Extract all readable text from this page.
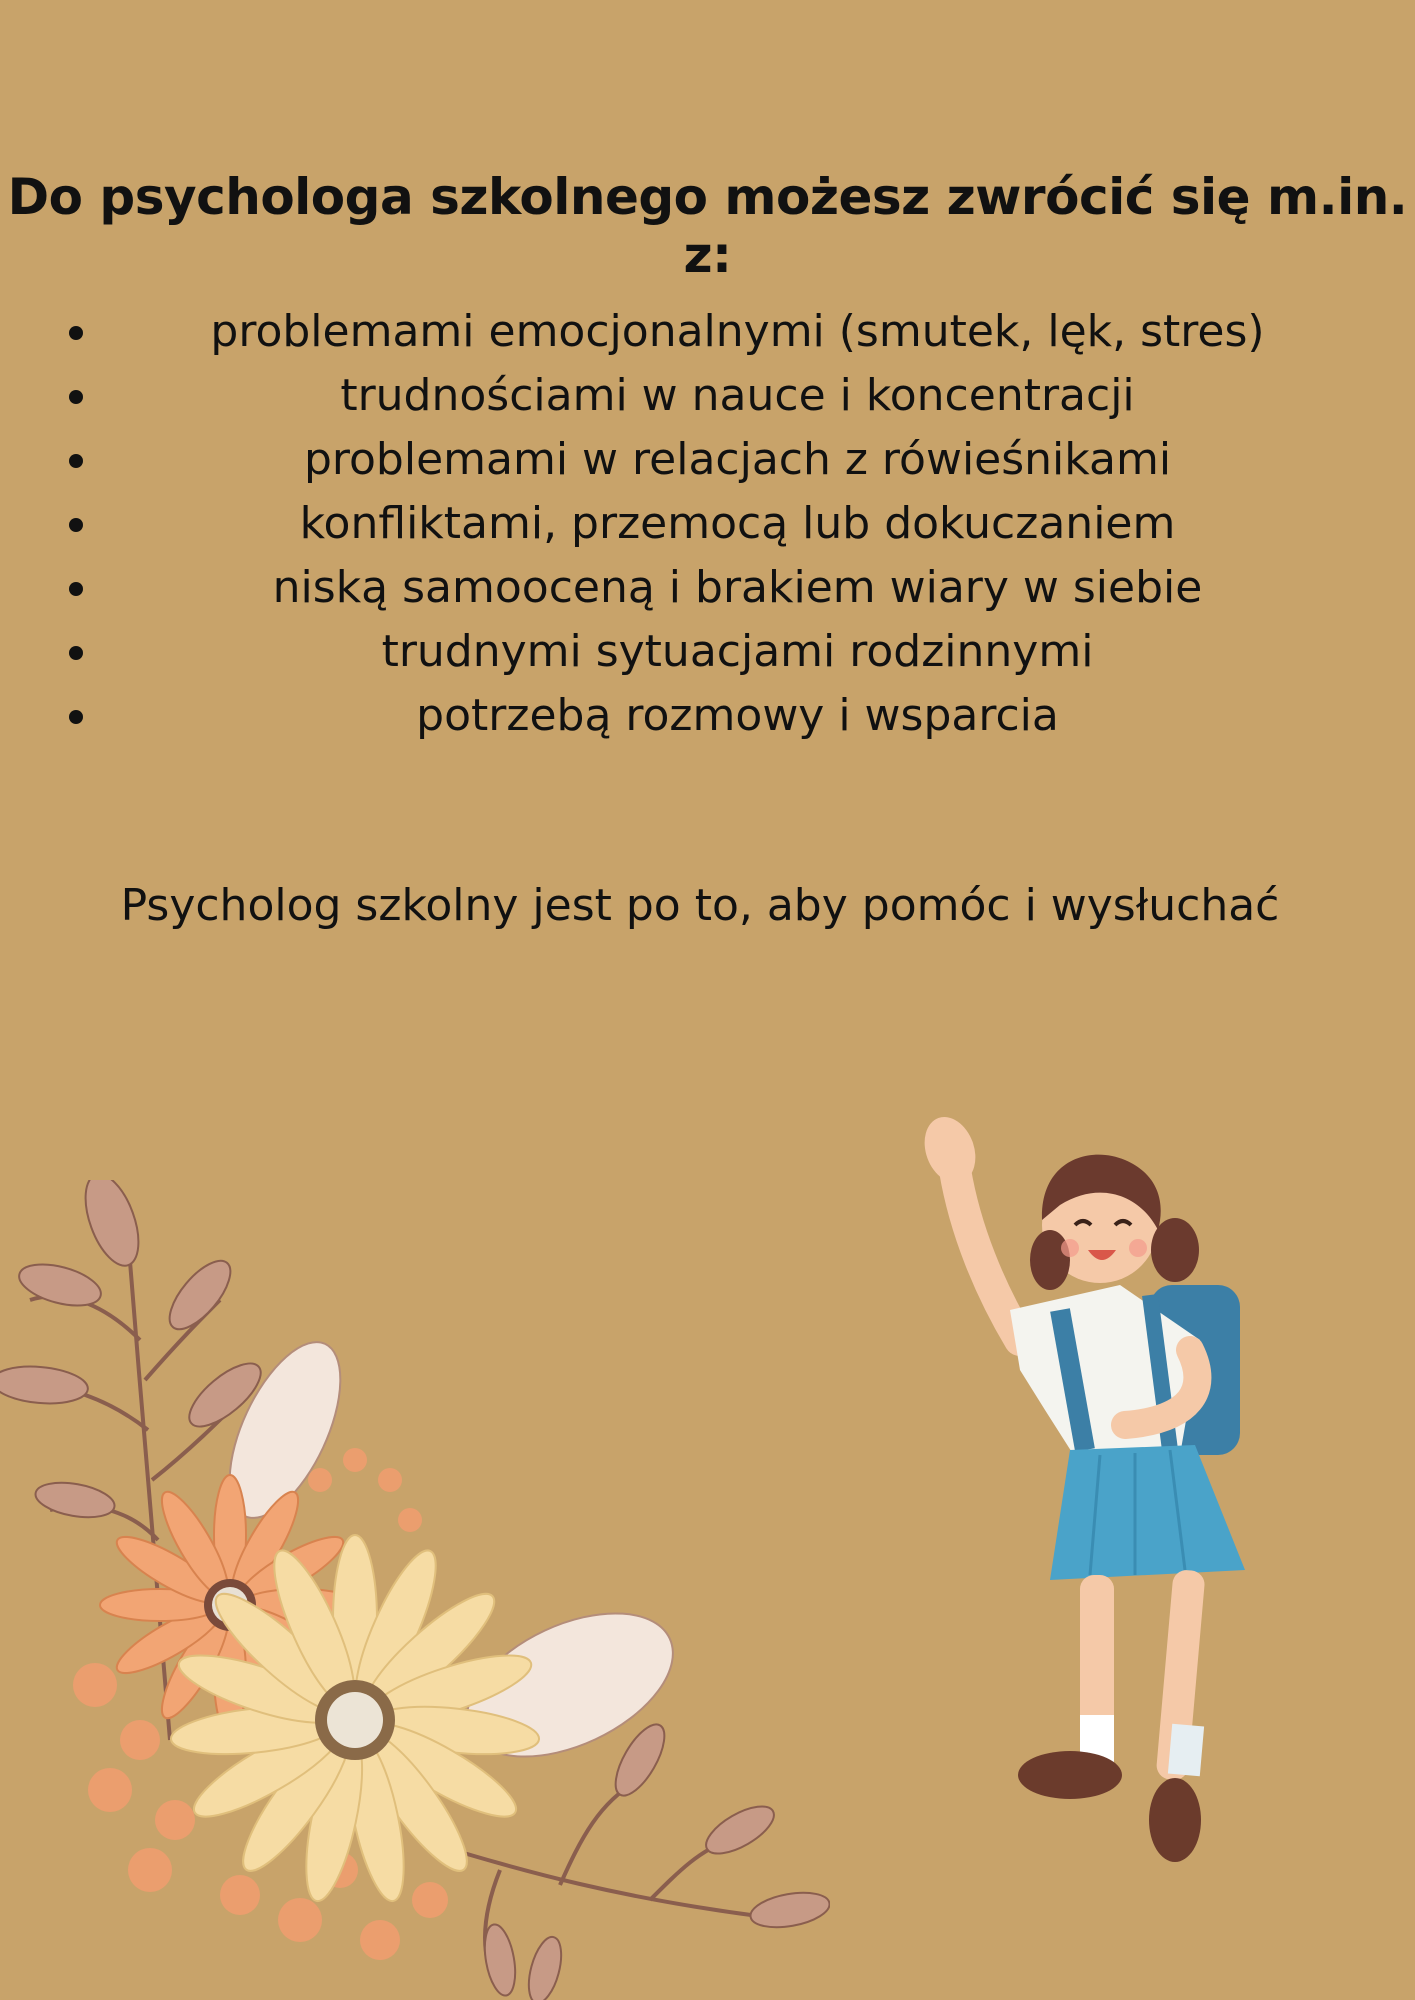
Do psychologa szkolnego możesz zwrócić się m.in. z:
problemami emocjonalnymi (smutek, lęk, stres)
trudnościami w nauce i koncentracji
problemami w relacjach z rówieśnikami
konfliktami, przemocą lub dokuczaniem
niską samooceną i brakiem wiary w siebie
trudnymi sytuacjami rodzinnymi
potrzebą rozmowy i wsparcia
Psycholog szkolny jest po to, aby pomóc i wysłuchać
